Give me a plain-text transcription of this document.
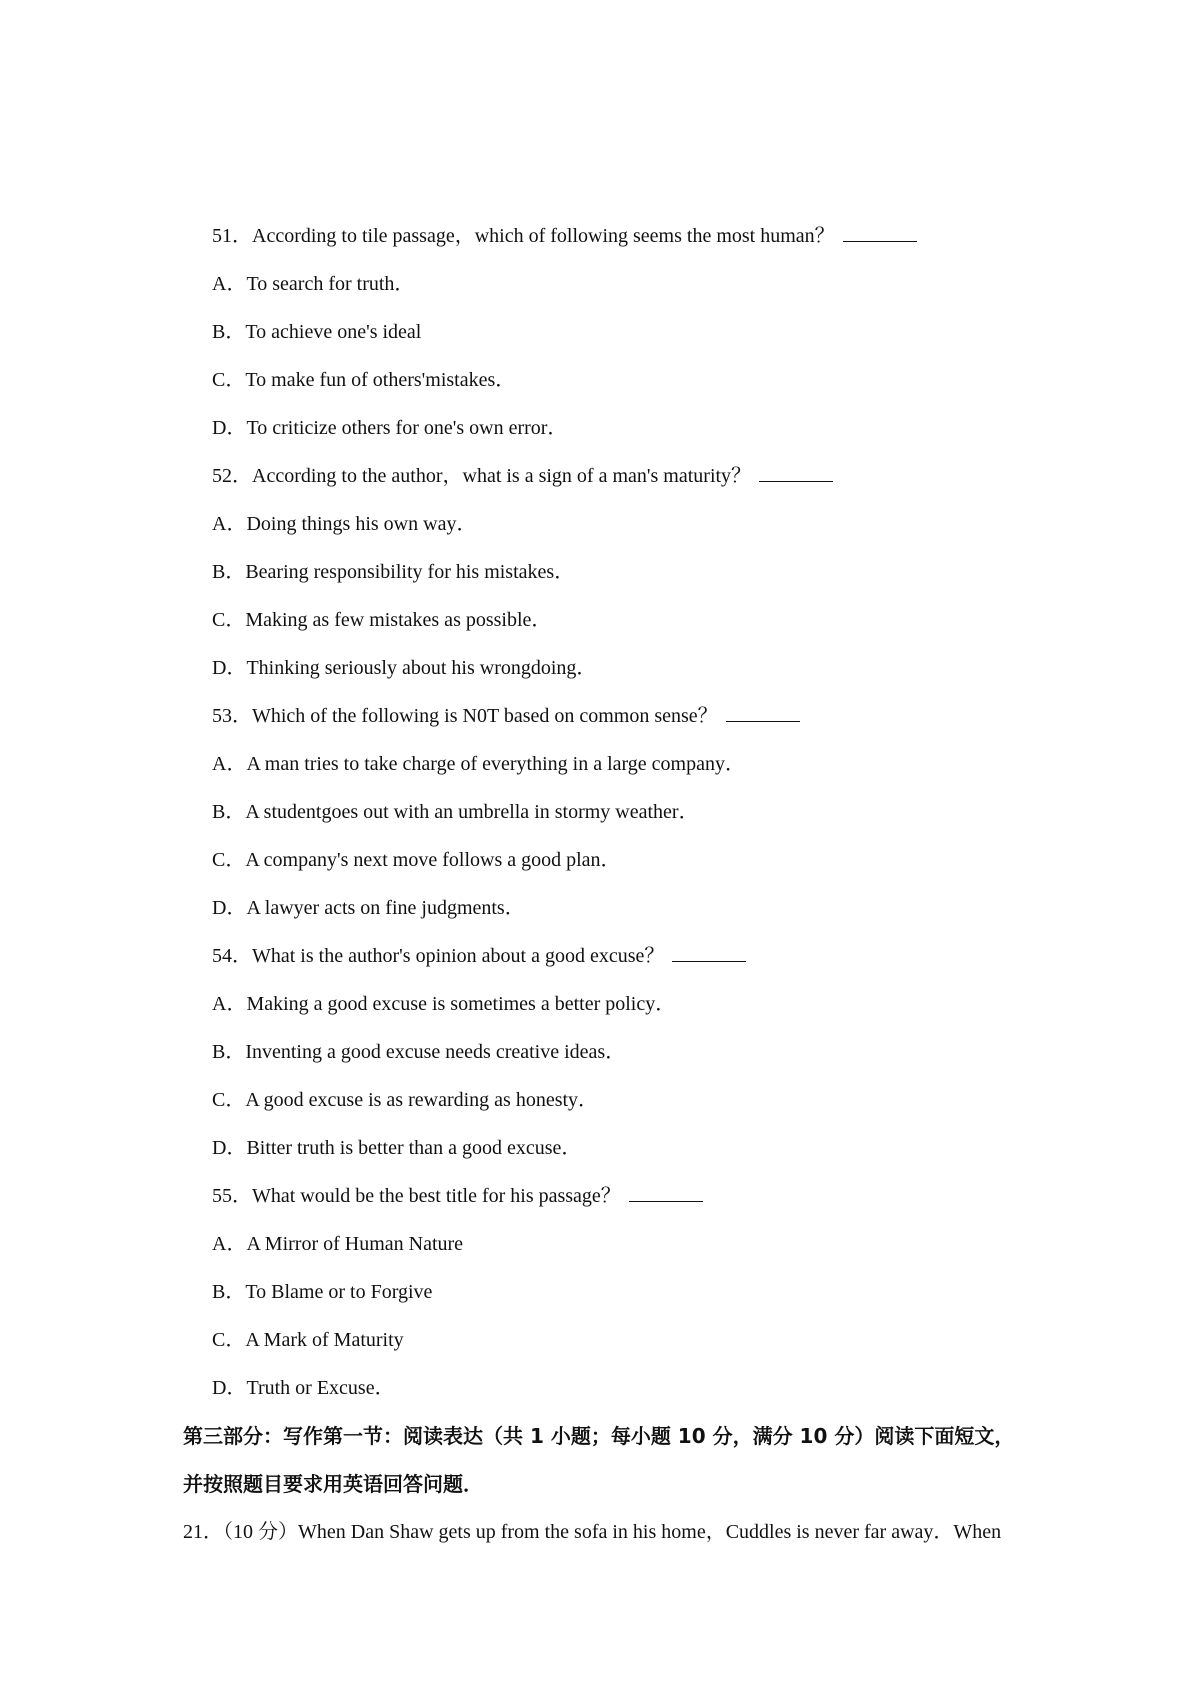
51．According to tile passage，which of following seems the most human？
A．To search for truth．
B．To achieve one's ideal
C．To make fun of others'mistakes．
D．To criticize others for one's own error．
52．According to the author，what is a sign of a man's maturity？
A．Doing things his own way．
B．Bearing responsibility for his mistakes．
C．Making as few mistakes as possible．
D．Thinking seriously about his wrongdoing．
53．Which of the following is N0T based on common sense？
A．A man tries to take charge of everything in a large company．
B．A studentgoes out with an umbrella in stormy weather．
C．A company's next move follows a good plan．
D．A lawyer acts on fine judgments．
54．What is the author's opinion about a good excuse？
A．Making a good excuse is sometimes a better policy．
B．Inventing a good excuse needs creative ideas．
C．A good excuse is as rewarding as honesty．
D．Bitter truth is better than a good excuse．
55．What would be the best title for his passage？
A．A Mirror of Human Nature
B．To Blame or to Forgive
C．A Mark of Maturity
D．Truth or Excuse．
第三部分：写作第一节：阅读表达（共 1 小题；每小题 10 分，满分 10 分）阅读下面短文，
并按照题目要求用英语回答问题．
21．（10 分）When Dan Shaw gets up from the sofa in his home，Cuddles is never far away．When
